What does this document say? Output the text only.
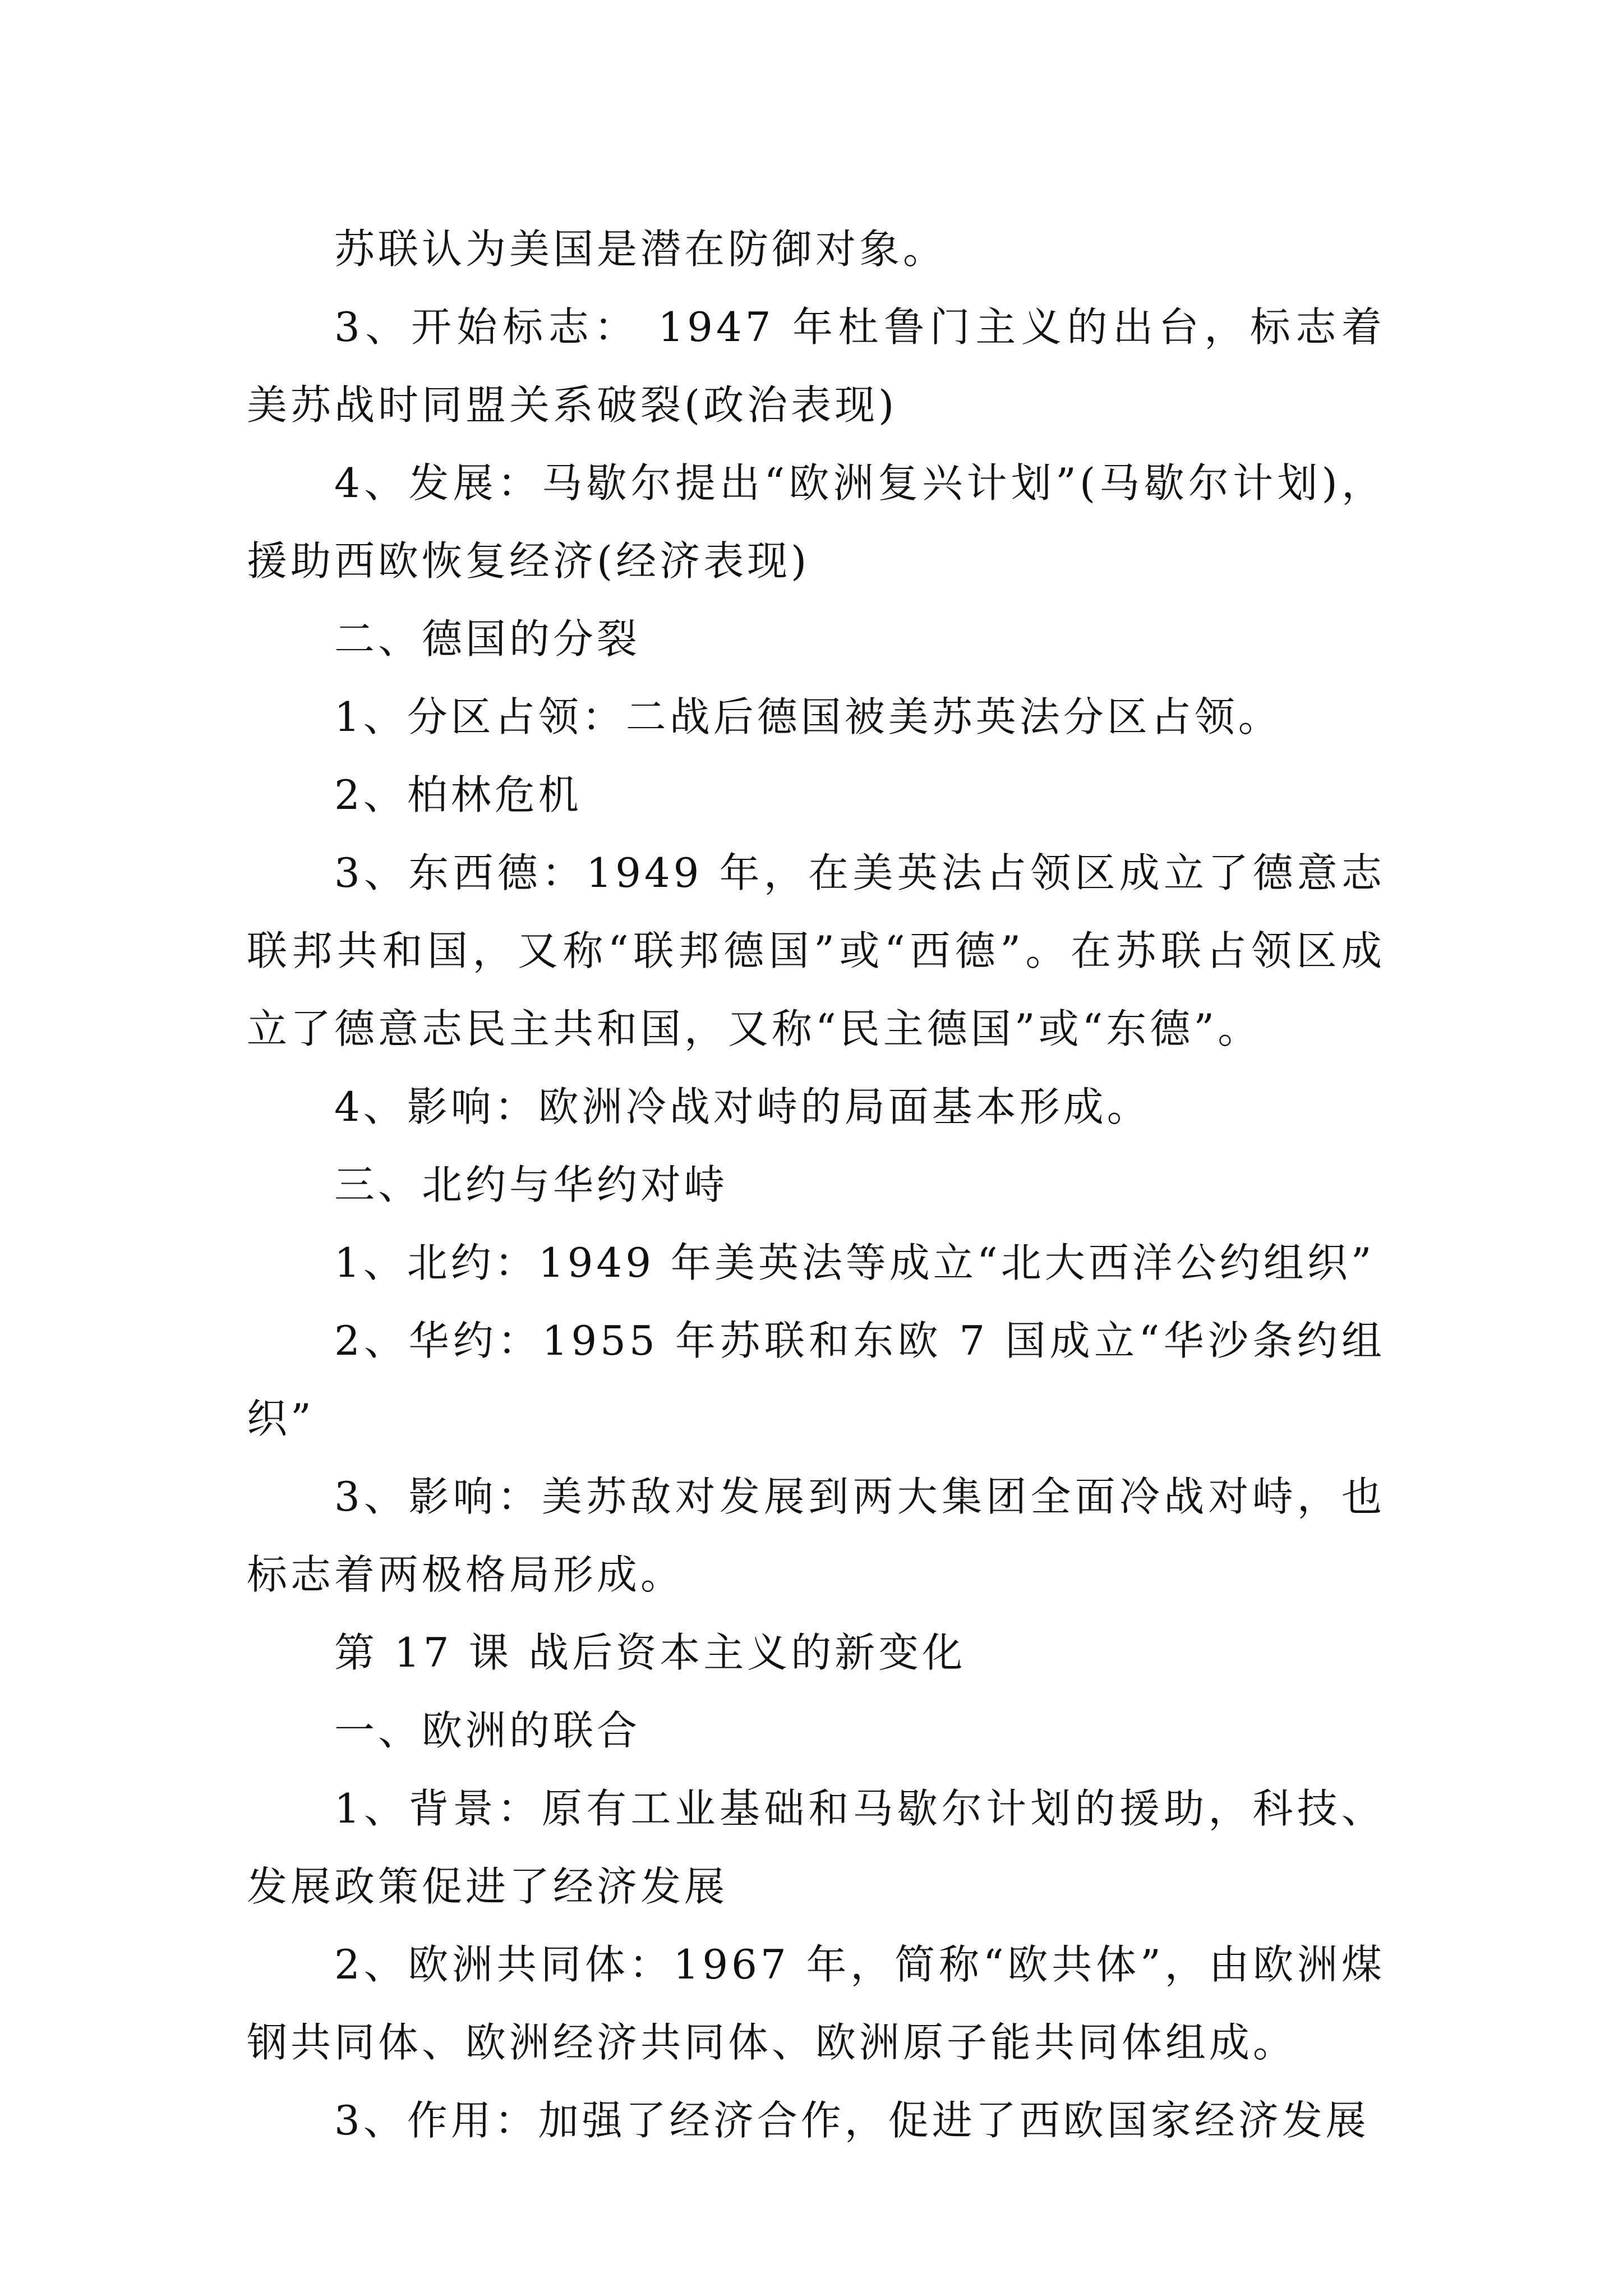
苏联认为美国是潜在防御对象。

3、开始标志： 1947 年杜鲁门主义的出台，标志着美苏战时同盟关系破裂(政治表现)

4、发展：马歇尔提出“欧洲复兴计划”(马歇尔计划)，援助西欧恢复经济(经济表现)

二、德国的分裂

1、分区占领：二战后德国被美苏英法分区占领。

2、柏林危机

3、东西德：1949 年，在美英法占领区成立了德意志联邦共和国，又称“联邦德国”或“西德”。在苏联占领区成立了德意志民主共和国，又称“民主德国”或“东德”。

4、影响：欧洲冷战对峙的局面基本形成。

三、北约与华约对峙

1、北约：1949 年美英法等成立“北大西洋公约组织”

2、华约：1955 年苏联和东欧 7 国成立“华沙条约组织”

3、影响：美苏敌对发展到两大集团全面冷战对峙，也标志着两极格局形成。

第 17 课 战后资本主义的新变化

一、欧洲的联合

1、背景：原有工业基础和马歇尔计划的援助，科技、发展政策促进了经济发展

2、欧洲共同体：1967 年，简称“欧共体”，由欧洲煤钢共同体、欧洲经济共同体、欧洲原子能共同体组成。

3、作用：加强了经济合作，促进了西欧国家经济发展
